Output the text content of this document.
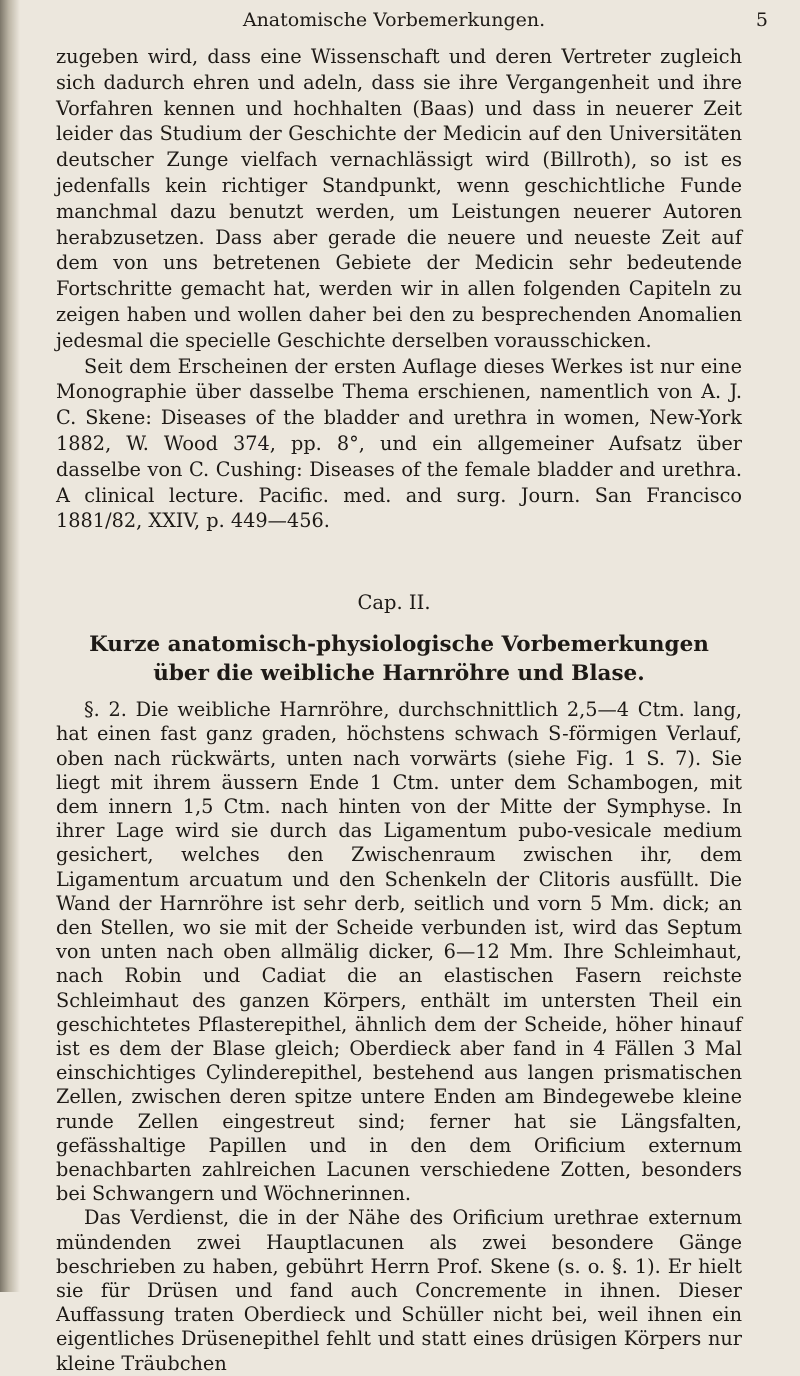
Anatomische Vorbemerkungen.	5

zugeben wird, dass eine Wissenschaft und deren Vertreter zugleich sich dadurch ehren und adeln, dass sie ihre Vergangenheit und ihre Vorfahren kennen und hochhalten (Baas) und dass in neuerer Zeit leider das Studium der Geschichte der Medicin auf den Universitäten deutscher Zunge vielfach vernachlässigt wird (Billroth), so ist es jedenfalls kein richtiger Standpunkt, wenn geschichtliche Funde manchmal dazu benutzt werden, um Leistungen neuerer Autoren herabzusetzen. Dass aber gerade die neuere und neueste Zeit auf dem von uns betretenen Gebiete der Medicin sehr bedeutende Fortschritte gemacht hat, werden wir in allen folgenden Capiteln zu zeigen haben und wollen daher bei den zu besprechenden Anomalien jedesmal die specielle Geschichte derselben vorausschicken.

Seit dem Erscheinen der ersten Auflage dieses Werkes ist nur eine Monographie über dasselbe Thema erschienen, namentlich von A. J. C. Skene: Diseases of the bladder and urethra in women, New-York 1882, W. Wood 374, pp. 8°, und ein allgemeiner Aufsatz über dasselbe von C. Cushing: Diseases of the female bladder and urethra. A clinical lecture. Pacific. med. and surg. Journ. San Francisco 1881/82, XXIV, p. 449—456.

Cap. II.
Kurze anatomisch-physiologische Vorbemerkungen über die weibliche Harnröhre und Blase.

§. 2. Die weibliche Harnröhre, durchschnittlich 2,5—4 Ctm. lang, hat einen fast ganz graden, höchstens schwach S-förmigen Verlauf, oben nach rückwärts, unten nach vorwärts (siehe Fig. 1 S. 7). Sie liegt mit ihrem äussern Ende 1 Ctm. unter dem Schambogen, mit dem innern 1,5 Ctm. nach hinten von der Mitte der Symphyse. In ihrer Lage wird sie durch das Ligamentum pubo-vesicale medium gesichert, welches den Zwischenraum zwischen ihr, dem Ligamentum arcuatum und den Schenkeln der Clitoris ausfüllt. Die Wand der Harnröhre ist sehr derb, seitlich und vorn 5 Mm. dick; an den Stellen, wo sie mit der Scheide verbunden ist, wird das Septum von unten nach oben allmälig dicker, 6—12 Mm. Ihre Schleimhaut, nach Robin und Cadiat die an elastischen Fasern reichste Schleimhaut des ganzen Körpers, enthält im untersten Theil ein geschichtetes Pflasterepithel, ähnlich dem der Scheide, höher hinauf ist es dem der Blase gleich; Oberdieck aber fand in 4 Fällen 3 Mal einschichtiges Cylinderepithel, bestehend aus langen prismatischen Zellen, zwischen deren spitze untere Enden am Bindegewebe kleine runde Zellen eingestreut sind; ferner hat sie Längsfalten, gefässhaltige Papillen und in den dem Orificium externum benachbarten zahlreichen Lacunen verschiedene Zotten, besonders bei Schwangern und Wöchnerinnen.

Das Verdienst, die in der Nähe des Orificium urethrae externum mündenden zwei Hauptlacunen als zwei besondere Gänge beschrieben zu haben, gebührt Herrn Prof. Skene (s. o. §. 1). Er hielt sie für Drüsen und fand auch Concremente in ihnen. Dieser Auffassung traten Oberdieck und Schüller nicht bei, weil ihnen ein eigentliches Drüsenepithel fehlt und statt eines drüsigen Körpers nur kleine Träubchen
